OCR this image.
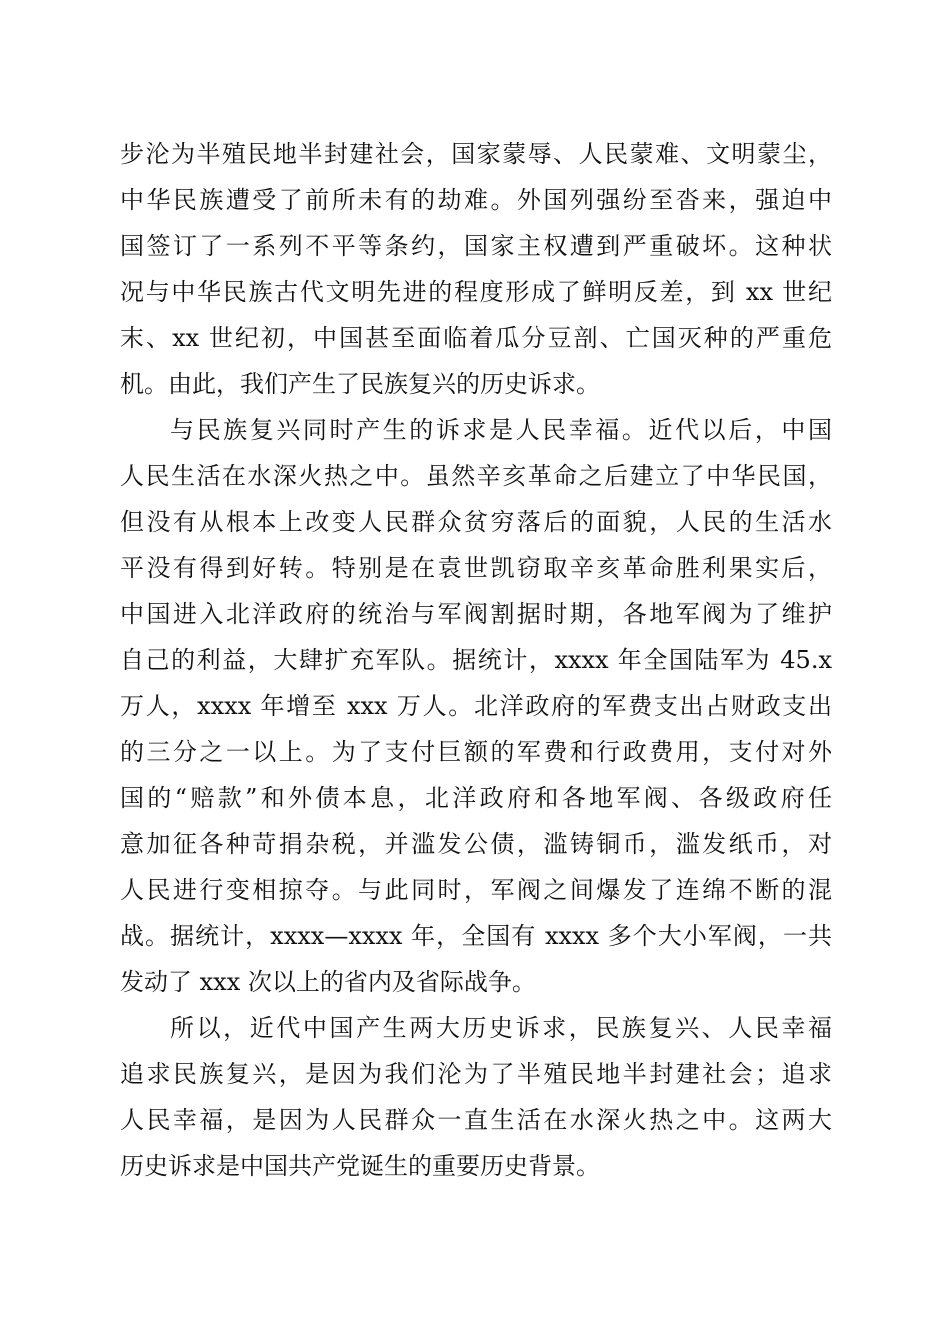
步沦为半殖民地半封建社会，国家蒙辱、人民蒙难、文明蒙尘，
中华民族遭受了前所未有的劫难。外国列强纷至沓来，强迫中
国签订了一系列不平等条约，国家主权遭到严重破坏。这种状
况与中华民族古代文明先进的程度形成了鲜明反差，到 xx 世纪
末、xx 世纪初，中国甚至面临着瓜分豆剖、亡国灭种的严重危
机。由此，我们产生了民族复兴的历史诉求。
与民族复兴同时产生的诉求是人民幸福。近代以后，中国
人民生活在水深火热之中。虽然辛亥革命之后建立了中华民国，
但没有从根本上改变人民群众贫穷落后的面貌，人民的生活水
平没有得到好转。特别是在袁世凯窃取辛亥革命胜利果实后，
中国进入北洋政府的统治与军阀割据时期，各地军阀为了维护
自己的利益，大肆扩充军队。据统计，xxxx 年全国陆军为 45.x
万人，xxxx 年增至 xxx 万人。北洋政府的军费支出占财政支出
的三分之一以上。为了支付巨额的军费和行政费用，支付对外
国的“赔款”和外债本息，北洋政府和各地军阀、各级政府任
意加征各种苛捐杂税，并滥发公债，滥铸铜币，滥发纸币，对
人民进行变相掠夺。与此同时，军阀之间爆发了连绵不断的混
战。据统计，xxxx—xxxx 年，全国有 xxxx 多个大小军阀，一共
发动了 xxx 次以上的省内及省际战争。
所以，近代中国产生两大历史诉求，民族复兴、人民幸福
追求民族复兴，是因为我们沦为了半殖民地半封建社会；追求
人民幸福，是因为人民群众一直生活在水深火热之中。这两大
历史诉求是中国共产党诞生的重要历史背景。
